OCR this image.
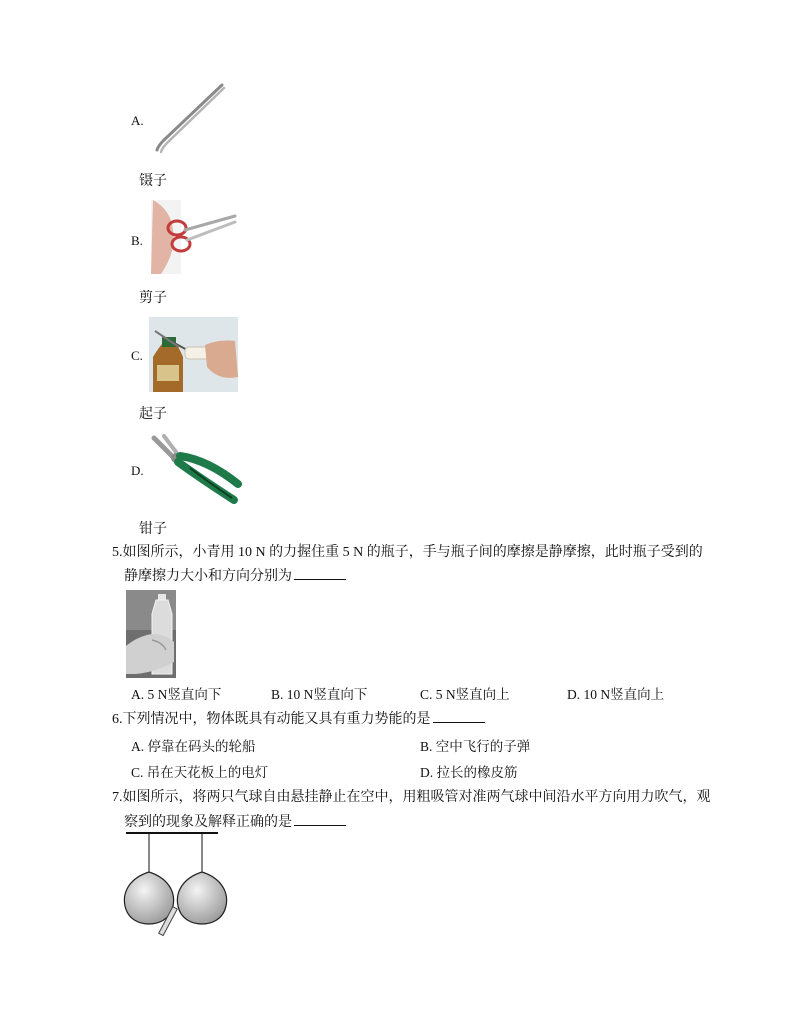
A.
镊子
B.
剪子
C.
起子
D.
钳子
5.如图所示，小青用 10 N 的力握住重 5 N 的瓶子，手与瓶子间的摩擦是静摩擦，此时瓶子受到的
静摩擦力大小和方向分别为
A. 5 N竖直向下	B. 10 N竖直向下	C. 5 N竖直向上	D. 10 N竖直向上
6.下列情况中，物体既具有动能又具有重力势能的是
A. 停靠在码头的轮船	B. 空中飞行的子弹
C. 吊在天花板上的电灯	D. 拉长的橡皮筋
7.如图所示，将两只气球自由悬挂静止在空中，用粗吸管对准两气球中间沿水平方向用力吹气，观
察到的现象及解释正确的是
